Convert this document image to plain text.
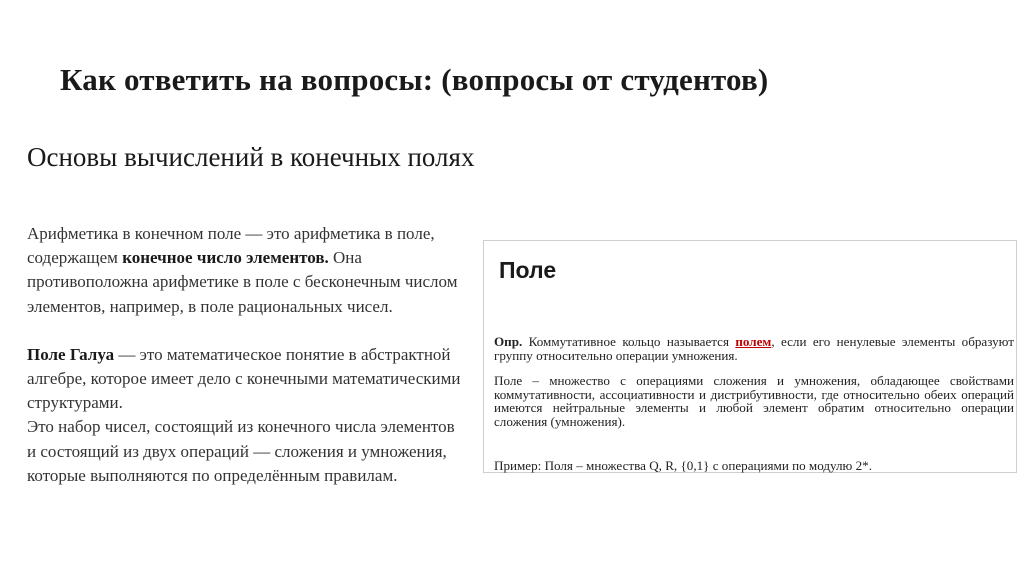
Как ответить на вопросы: (вопросы от студентов)
Основы вычислений в конечных полях

Арифметика в конечном поле — это арифметика в поле, содержащем конечное число элементов. Она противоположна арифметике в поле с бесконечным числом элементов, например, в поле рациональных чисел.

Поле Галуа — это математическое понятие в абстрактной алгебре, которое имеет дело с конечными математическими структурами.

Это набор чисел, состоящий из конечного числа элементов и состоящий из двух операций — сложения и умножения, которые выполняются по определённым правилам.

Поле
Опр. Коммутативное кольцо называется полем, если его ненулевые элементы образуют группу относительно операции умножения.
Поле – множество с операциями сложения и умножения, обладающее свойствами коммутативности, ассоциативности и дистрибутивности, где относительно обеих операций имеются нейтральные элементы и любой элемент обратим относительно операции сложения (умножения).
Пример: Поля – множества Q, R, {0,1} с операциями по модулю 2*.
